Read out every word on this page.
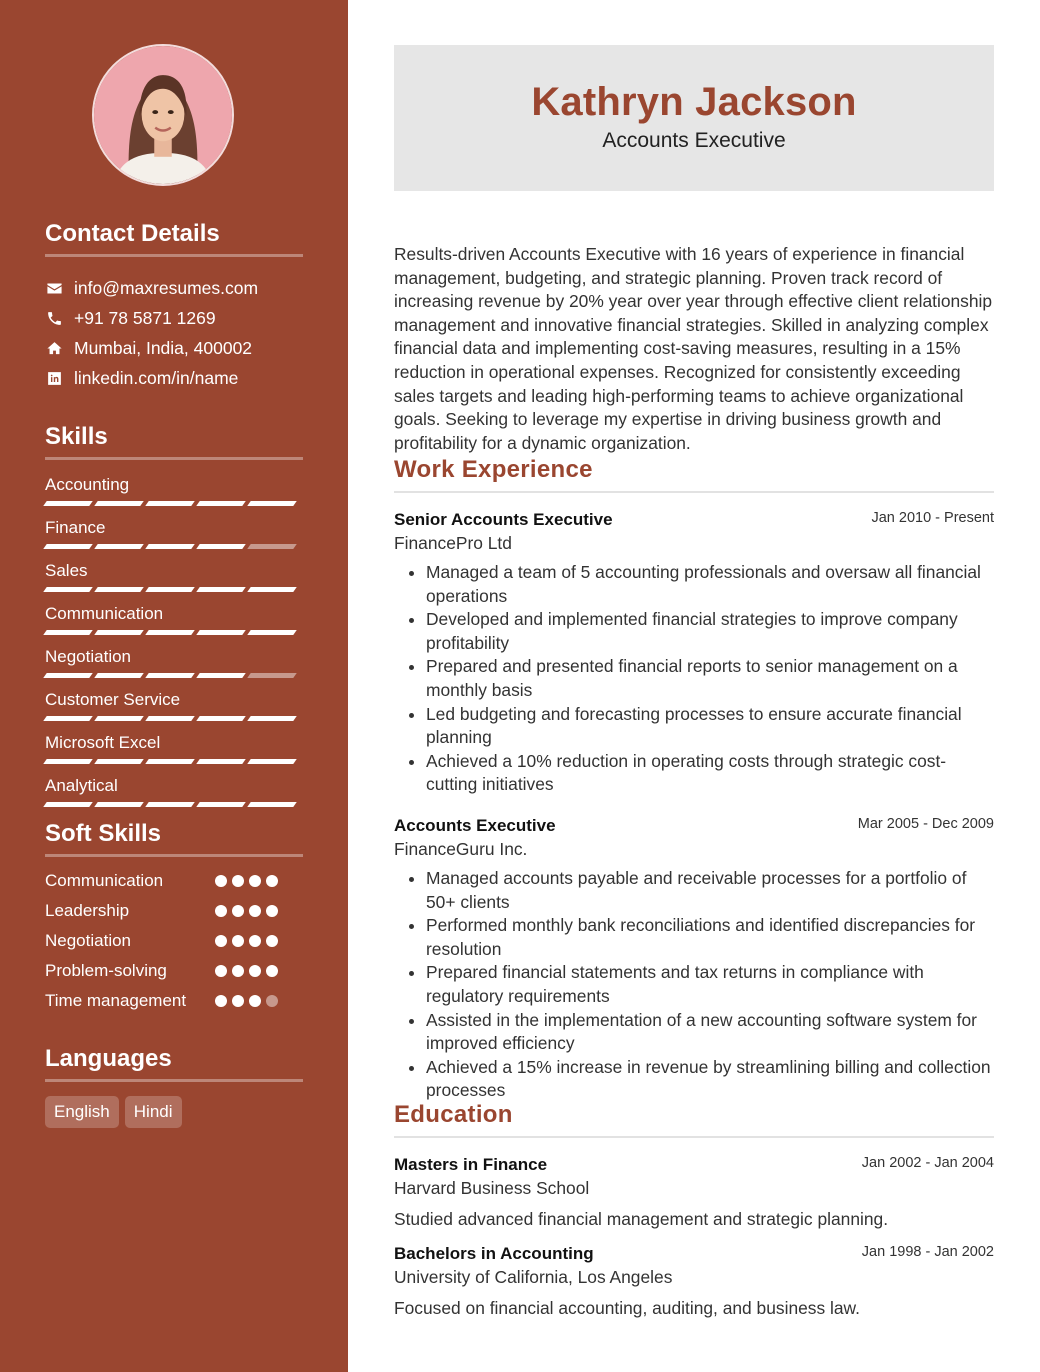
Contact Details
info@maxresumes.com
+91 78 5871 1269
Mumbai, India, 400002
linkedin.com/in/name
Skills
Accounting
Finance
Sales
Communication
Negotiation
Customer Service
Microsoft Excel
Analytical
Soft Skills
Communication
Leadership
Negotiation
Problem-solving
Time management
Languages
English	Hindi
Kathryn Jackson
Accounts Executive

Results-driven Accounts Executive with 16 years of experience in financial management, budgeting, and strategic planning. Proven track record of increasing revenue by 20% year over year through effective client relationship management and innovative financial strategies. Skilled in analyzing complex financial data and implementing cost-saving measures, resulting in a 15% reduction in operational expenses. Recognized for consistently exceeding sales targets and leading high-performing teams to achieve organizational goals. Seeking to leverage my expertise in driving business growth and profitability for a dynamic organization.

Work Experience
Senior Accounts Executive	Jan 2010 - Present
FinancePro Ltd
• Managed a team of 5 accounting professionals and oversaw all financial operations
• Developed and implemented financial strategies to improve company profitability
• Prepared and presented financial reports to senior management on a monthly basis
• Led budgeting and forecasting processes to ensure accurate financial planning
• Achieved a 10% reduction in operating costs through strategic cost-cutting initiatives
Accounts Executive	Mar 2005 - Dec 2009
FinanceGuru Inc.
• Managed accounts payable and receivable processes for a portfolio of 50+ clients
• Performed monthly bank reconciliations and identified discrepancies for resolution
• Prepared financial statements and tax returns in compliance with regulatory requirements
• Assisted in the implementation of a new accounting software system for improved efficiency
• Achieved a 15% increase in revenue by streamlining billing and collection processes
Education
Masters in Finance	Jan 2002 - Jan 2004
Harvard Business School
Studied advanced financial management and strategic planning.
Bachelors in Accounting	Jan 1998 - Jan 2002
University of California, Los Angeles
Focused on financial accounting, auditing, and business law.
